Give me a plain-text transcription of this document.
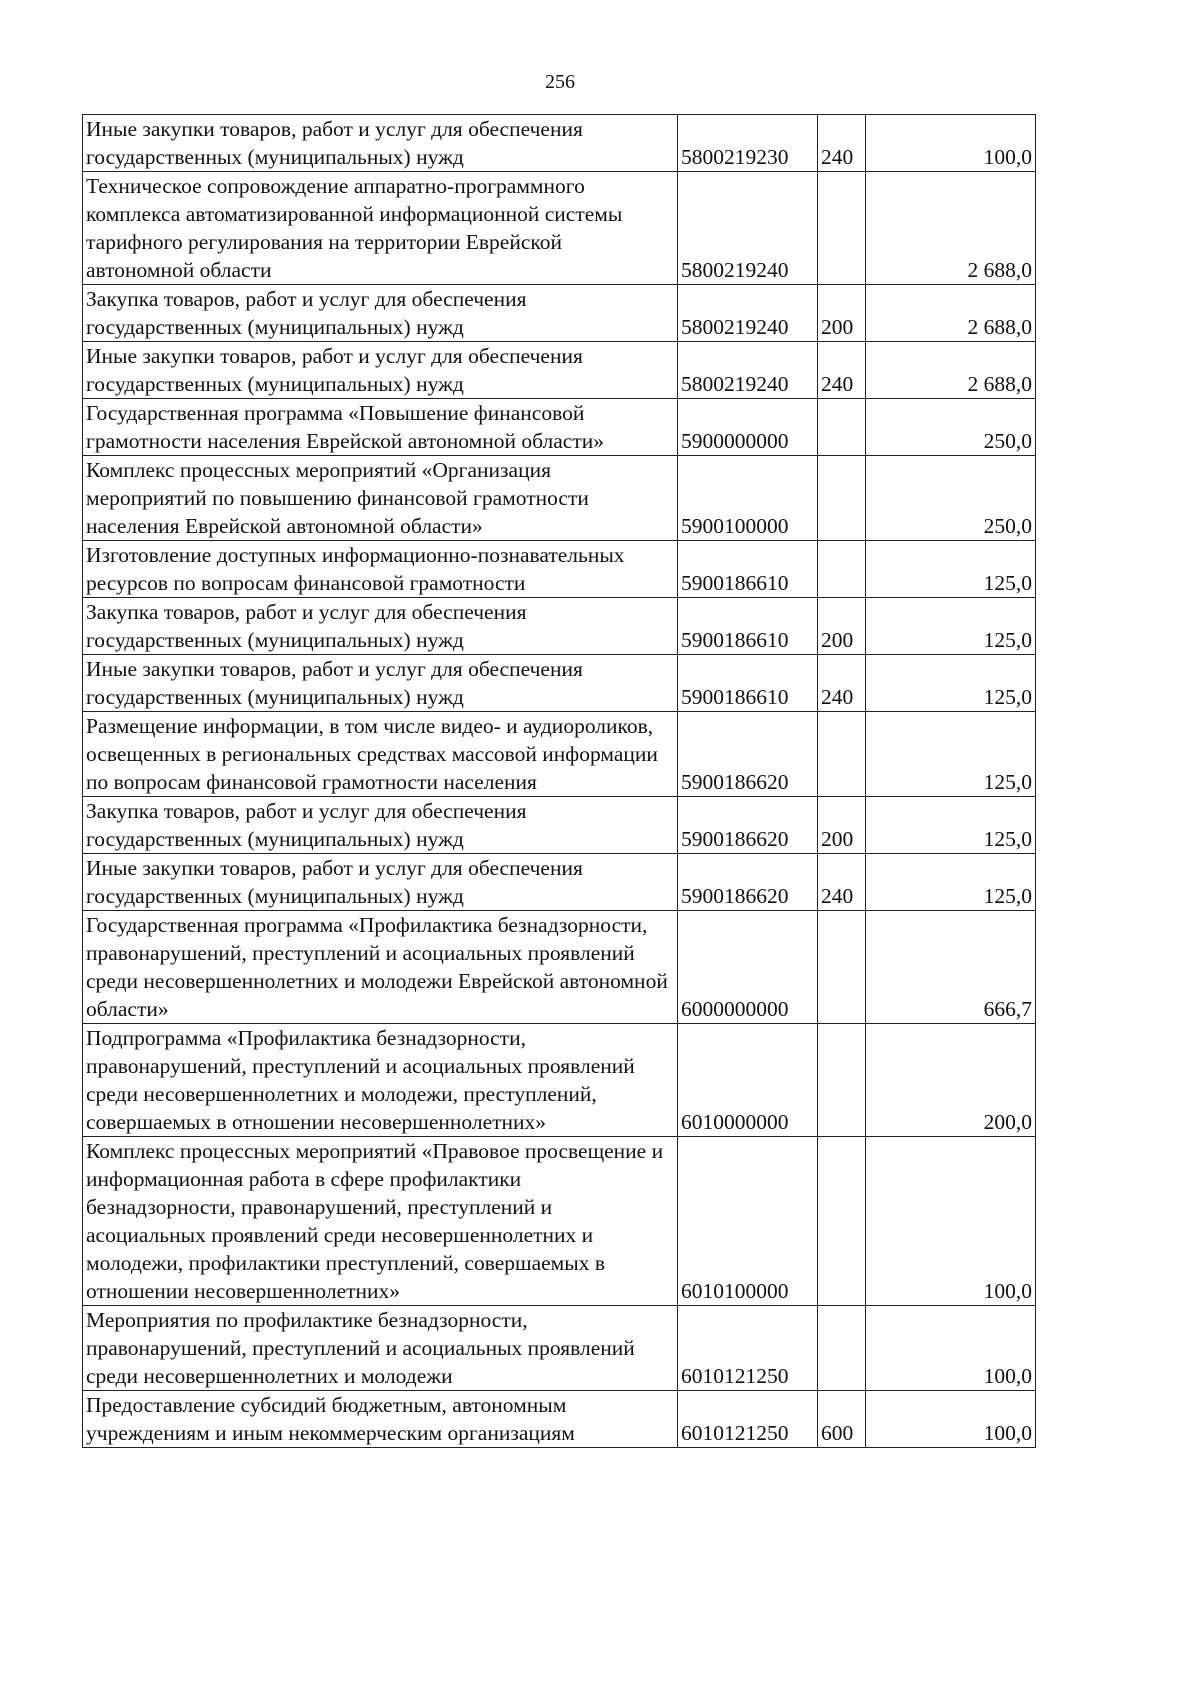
256
Иные закупки товаров, работ и услуг для обеспечения государственных (муниципальных) нужд	5800219230	240	100,0
Техническое сопровождение аппаратно-программного комплекса автоматизированной информационной системы тарифного регулирования на территории Еврейской автономной области	5800219240		2 688,0
Закупка товаров, работ и услуг для обеспечения государственных (муниципальных) нужд	5800219240	200	2 688,0
Иные закупки товаров, работ и услуг для обеспечения государственных (муниципальных) нужд	5800219240	240	2 688,0
Государственная программа «Повышение финансовой грамотности населения Еврейской автономной области»	5900000000		250,0
Комплекс процессных мероприятий «Организация мероприятий по повышению финансовой грамотности населения Еврейской автономной области»	5900100000		250,0
Изготовление доступных информационно-познавательных ресурсов по вопросам финансовой грамотности	5900186610		125,0
Закупка товаров, работ и услуг для обеспечения государственных (муниципальных) нужд	5900186610	200	125,0
Иные закупки товаров, работ и услуг для обеспечения государственных (муниципальных) нужд	5900186610	240	125,0
Размещение информации, в том числе видео- и аудиороликов, освещенных в региональных средствах массовой информации по вопросам финансовой грамотности населения	5900186620		125,0
Закупка товаров, работ и услуг для обеспечения государственных (муниципальных) нужд	5900186620	200	125,0
Иные закупки товаров, работ и услуг для обеспечения государственных (муниципальных) нужд	5900186620	240	125,0
Государственная программа «Профилактика безнадзорности, правонарушений, преступлений и асоциальных проявлений среди несовершеннолетних и молодежи Еврейской автономной области»	6000000000		666,7
Подпрограмма «Профилактика безнадзорности, правонарушений, преступлений и асоциальных проявлений среди несовершеннолетних и молодежи, преступлений, совершаемых в отношении несовершеннолетних»	6010000000		200,0
Комплекс процессных мероприятий «Правовое просвещение и информационная работа в сфере профилактики безнадзорности, правонарушений, преступлений и асоциальных проявлений среди несовершеннолетних и молодежи, профилактики преступлений, совершаемых в отношении несовершеннолетних»	6010100000		100,0
Мероприятия по профилактике безнадзорности, правонарушений, преступлений и асоциальных проявлений среди несовершеннолетних и молодежи	6010121250		100,0
Предоставление субсидий бюджетным, автономным учреждениям и иным некоммерческим организациям	6010121250	600	100,0
